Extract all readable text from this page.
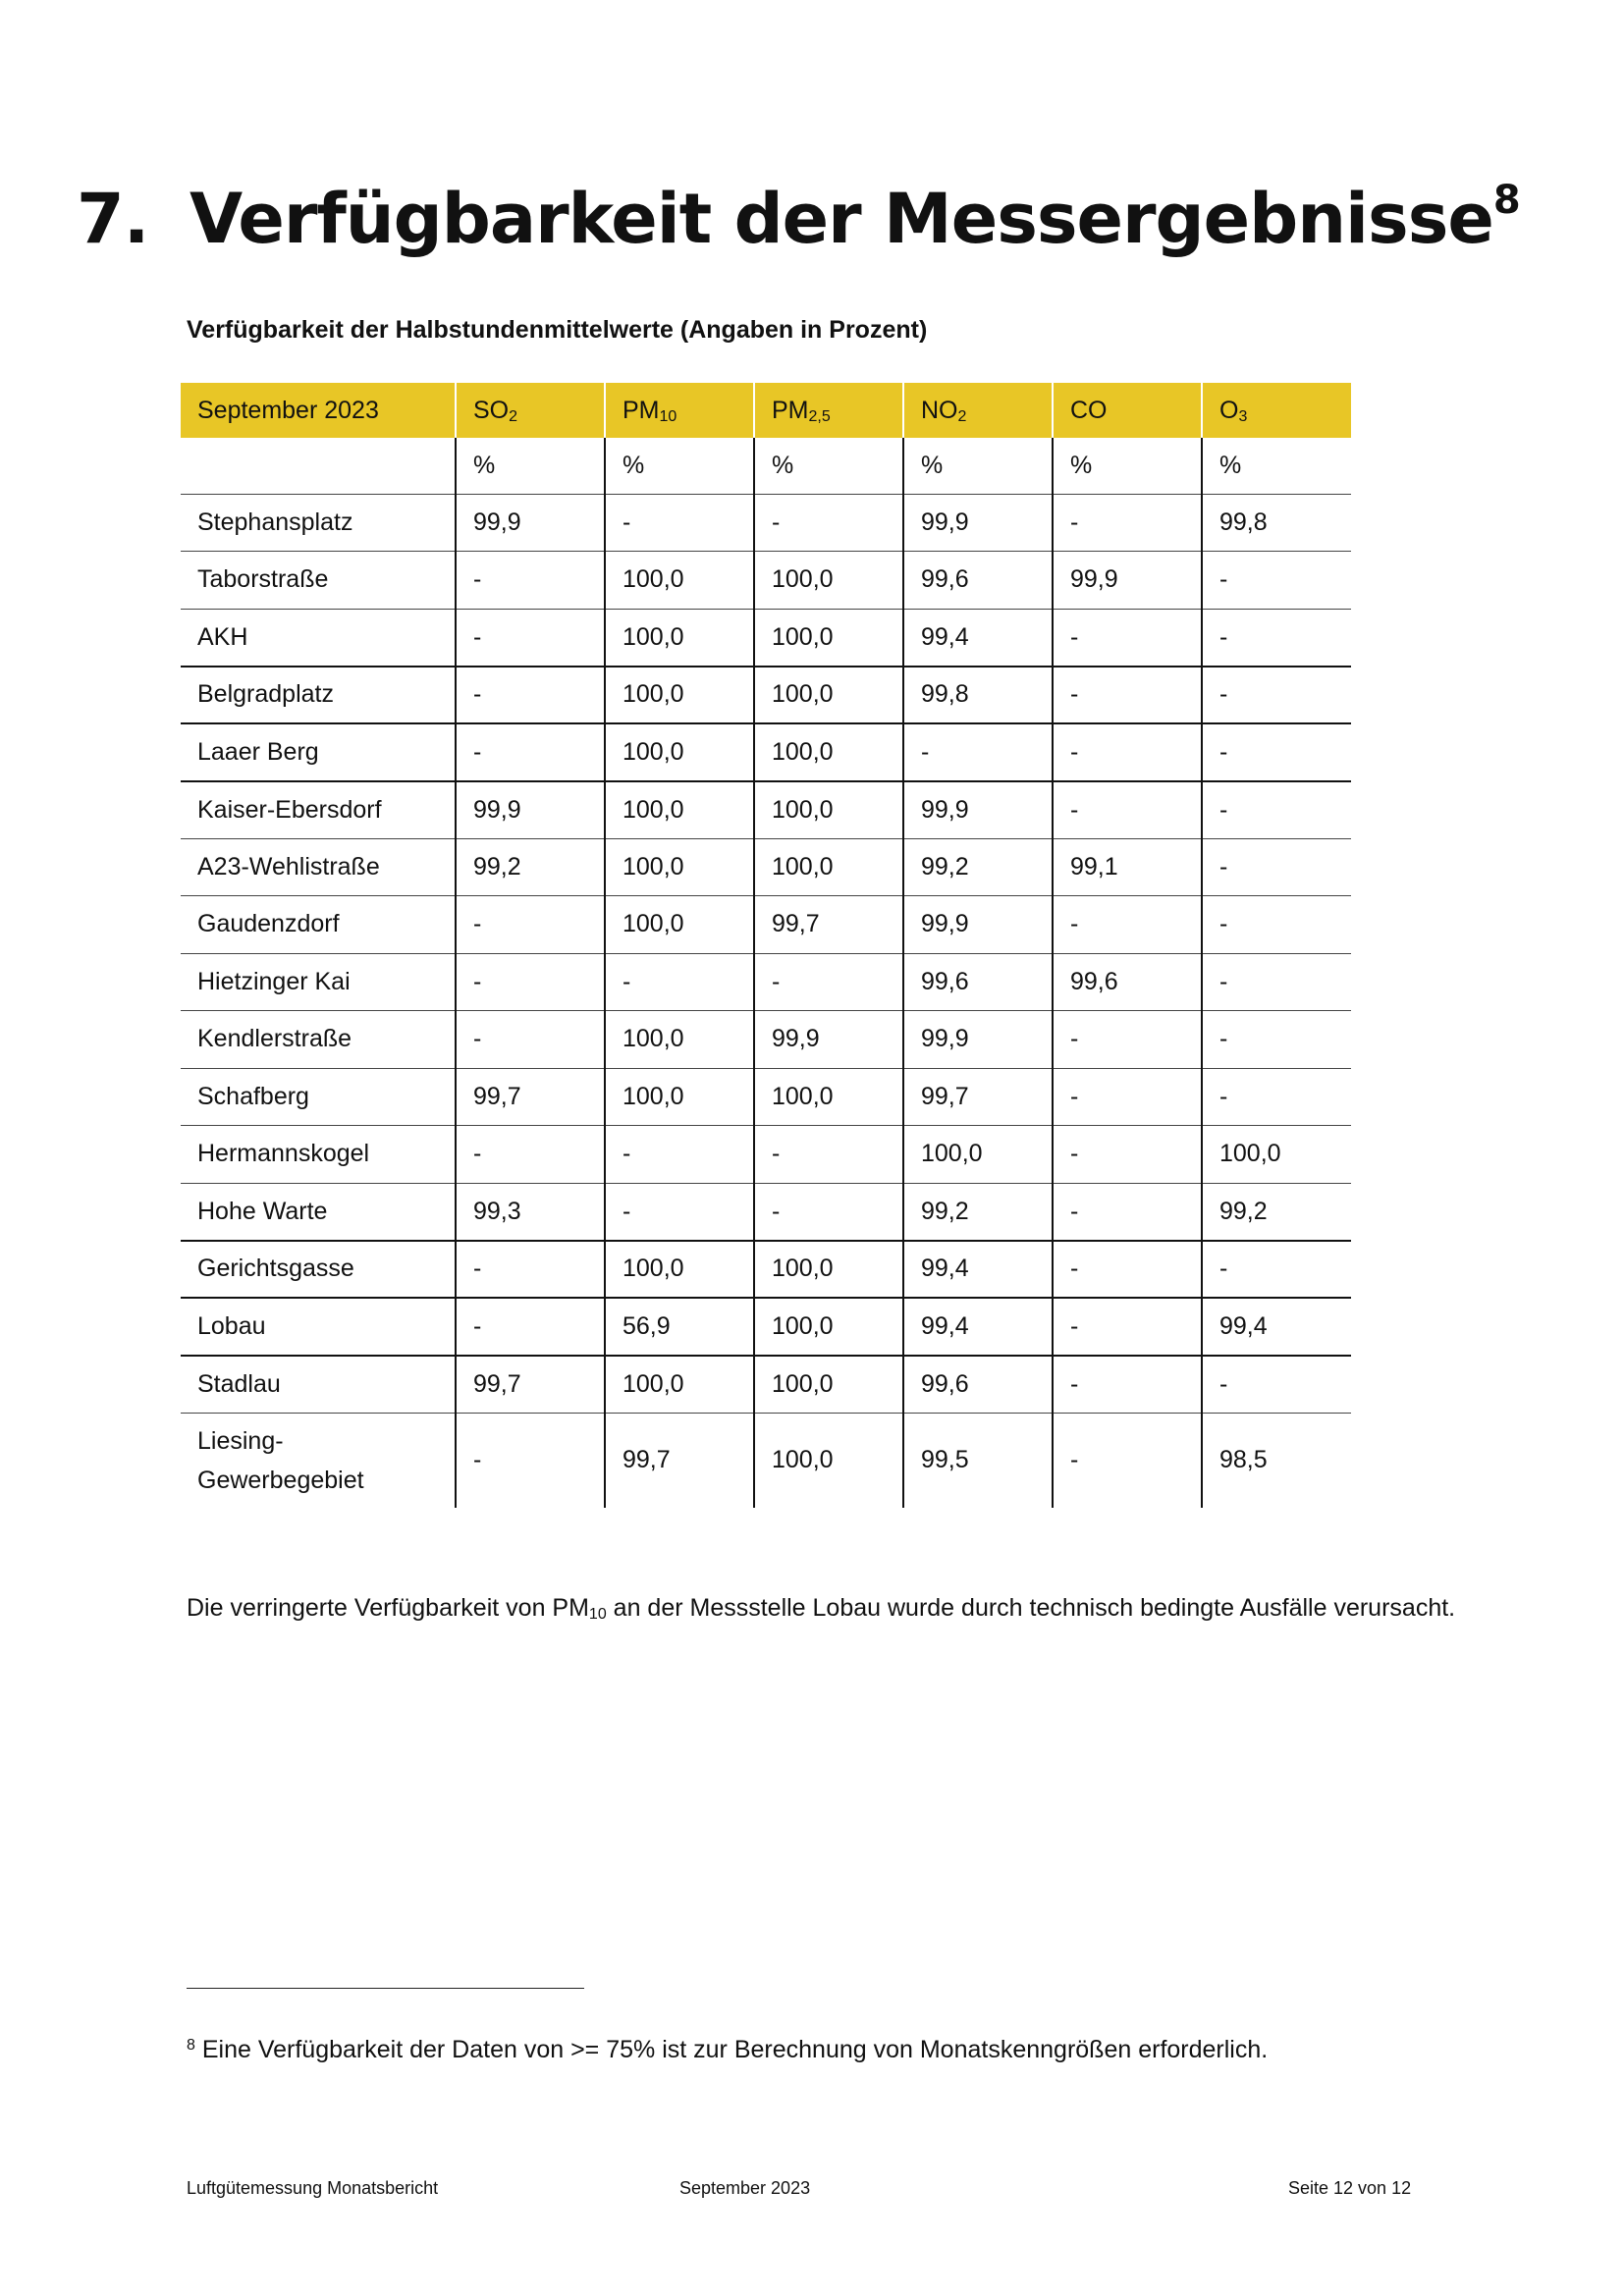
7. Verfügbarkeit der Messergebnisse$^8$

Verfügbarkeit der Halbstundenmittelwerte (Angaben in Prozent)

September 2023	$SO_2$	$PM_{10}$	$PM_{2,5}$	$NO_2$	CO	$O_3$
	%	%	%	%	%	%
Stephansplatz	99,9	-	-	99,9	-	99,8
Taborstraße	-	100,0	100,0	99,6	99,9	-
AKH	-	100,0	100,0	99,4	-	-
Belgradplatz	-	100,0	100,0	99,8	-	-
Laaer Berg	-	100,0	100,0	-	-	-
Kaiser-Ebersdorf	99,9	100,0	100,0	99,9	-	-
A23-Wehlistraße	99,2	100,0	100,0	99,2	99,1	-
Gaudenzdorf	-	100,0	99,7	99,9	-	-
Hietzinger Kai	-	-	-	99,6	99,6	-
Kendlerstraße	-	100,0	99,9	99,9	-	-
Schafberg	99,7	100,0	100,0	99,7	-	-
Hermannskogel	-	-	-	100,0	-	100,0
Hohe Warte	99,3	-	-	99,2	-	99,2
Gerichtsgasse	-	100,0	100,0	99,4	-	-
Lobau	-	56,9	100,0	99,4	-	99,4
Stadlau	99,7	100,0	100,0	99,6	-	-
Liesing-Gewerbegebiet	-	99,7	100,0	99,5	-	98,5

Die verringerte Verfügbarkeit von $PM_{10}$ an der Messstelle Lobau wurde durch technisch bedingte Ausfälle verursacht.

$^8$ Eine Verfügbarkeit der Daten von >= 75% ist zur Berechnung von Monatskenngrößen erforderlich.

Luftgütemessung Monatsbericht	September 2023	Seite 12 von 12
